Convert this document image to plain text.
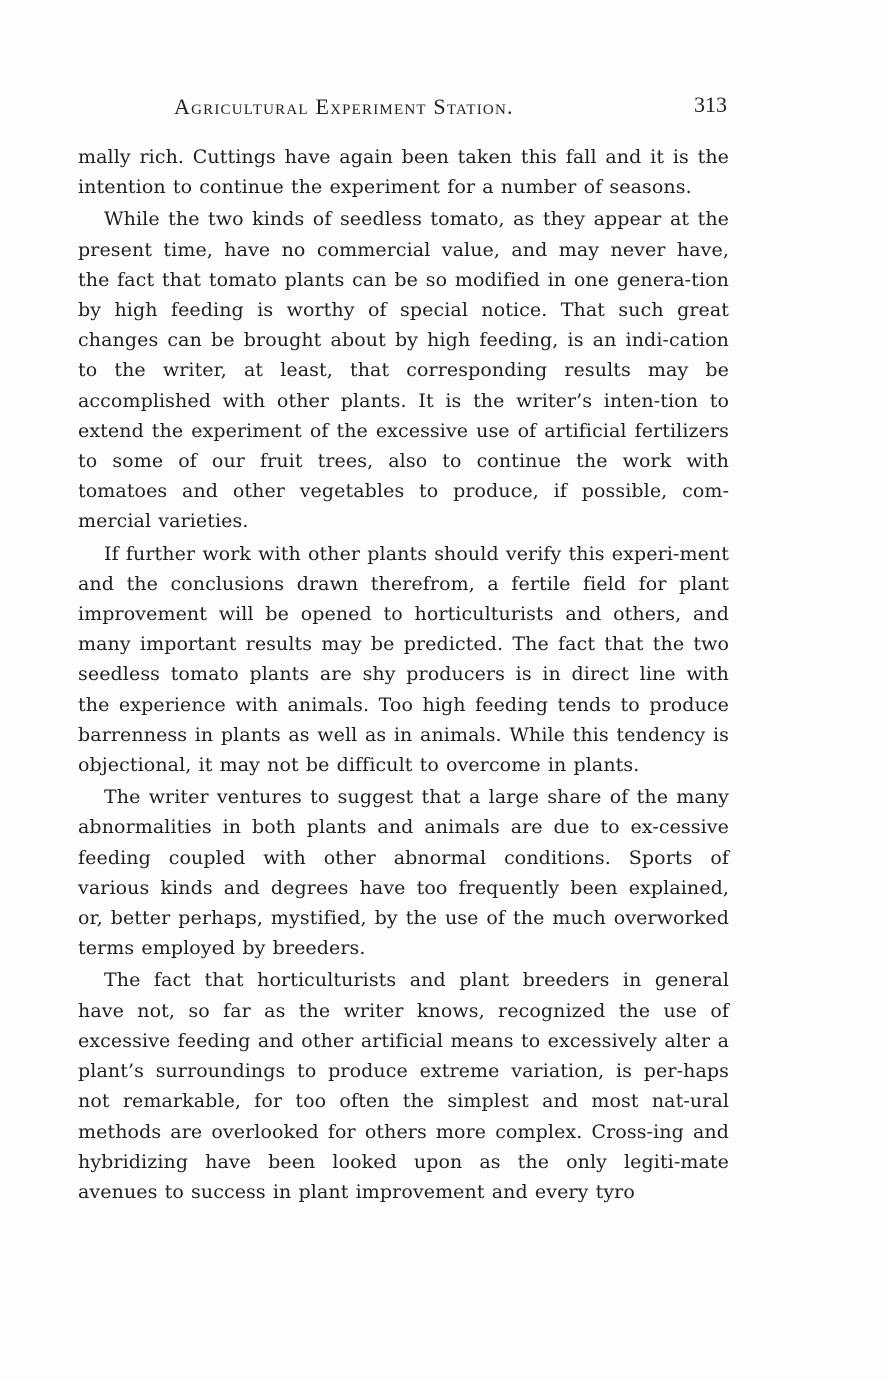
Agricultural Experiment Station.	313

mally rich. Cuttings have again been taken this fall and it is the intention to continue the experiment for a number of seasons.

While the two kinds of seedless tomato, as they appear at the present time, have no commercial value, and may never have, the fact that tomato plants can be so modified in one genera-tion by high feeding is worthy of special notice. That such great changes can be brought about by high feeding, is an indi-cation to the writer, at least, that corresponding results may be accomplished with other plants. It is the writer’s inten-tion to extend the experiment of the excessive use of artificial fertilizers to some of our fruit trees, also to continue the work with tomatoes and other vegetables to produce, if possible, com-mercial varieties.

If further work with other plants should verify this experi-ment and the conclusions drawn therefrom, a fertile field for plant improvement will be opened to horticulturists and others, and many important results may be predicted. The fact that the two seedless tomato plants are shy producers is in direct line with the experience with animals. Too high feeding tends to produce barrenness in plants as well as in animals. While this tendency is objectional, it may not be difficult to overcome in plants.

The writer ventures to suggest that a large share of the many abnormalities in both plants and animals are due to ex-cessive feeding coupled with other abnormal conditions. Sports of various kinds and degrees have too frequently been explained, or, better perhaps, mystified, by the use of the much overworked terms employed by breeders.

The fact that horticulturists and plant breeders in general have not, so far as the writer knows, recognized the use of excessive feeding and other artificial means to excessively alter a plant’s surroundings to produce extreme variation, is per-haps not remarkable, for too often the simplest and most nat-ural methods are overlooked for others more complex. Cross-ing and hybridizing have been looked upon as the only legiti-mate avenues to success in plant improvement and every tyro
